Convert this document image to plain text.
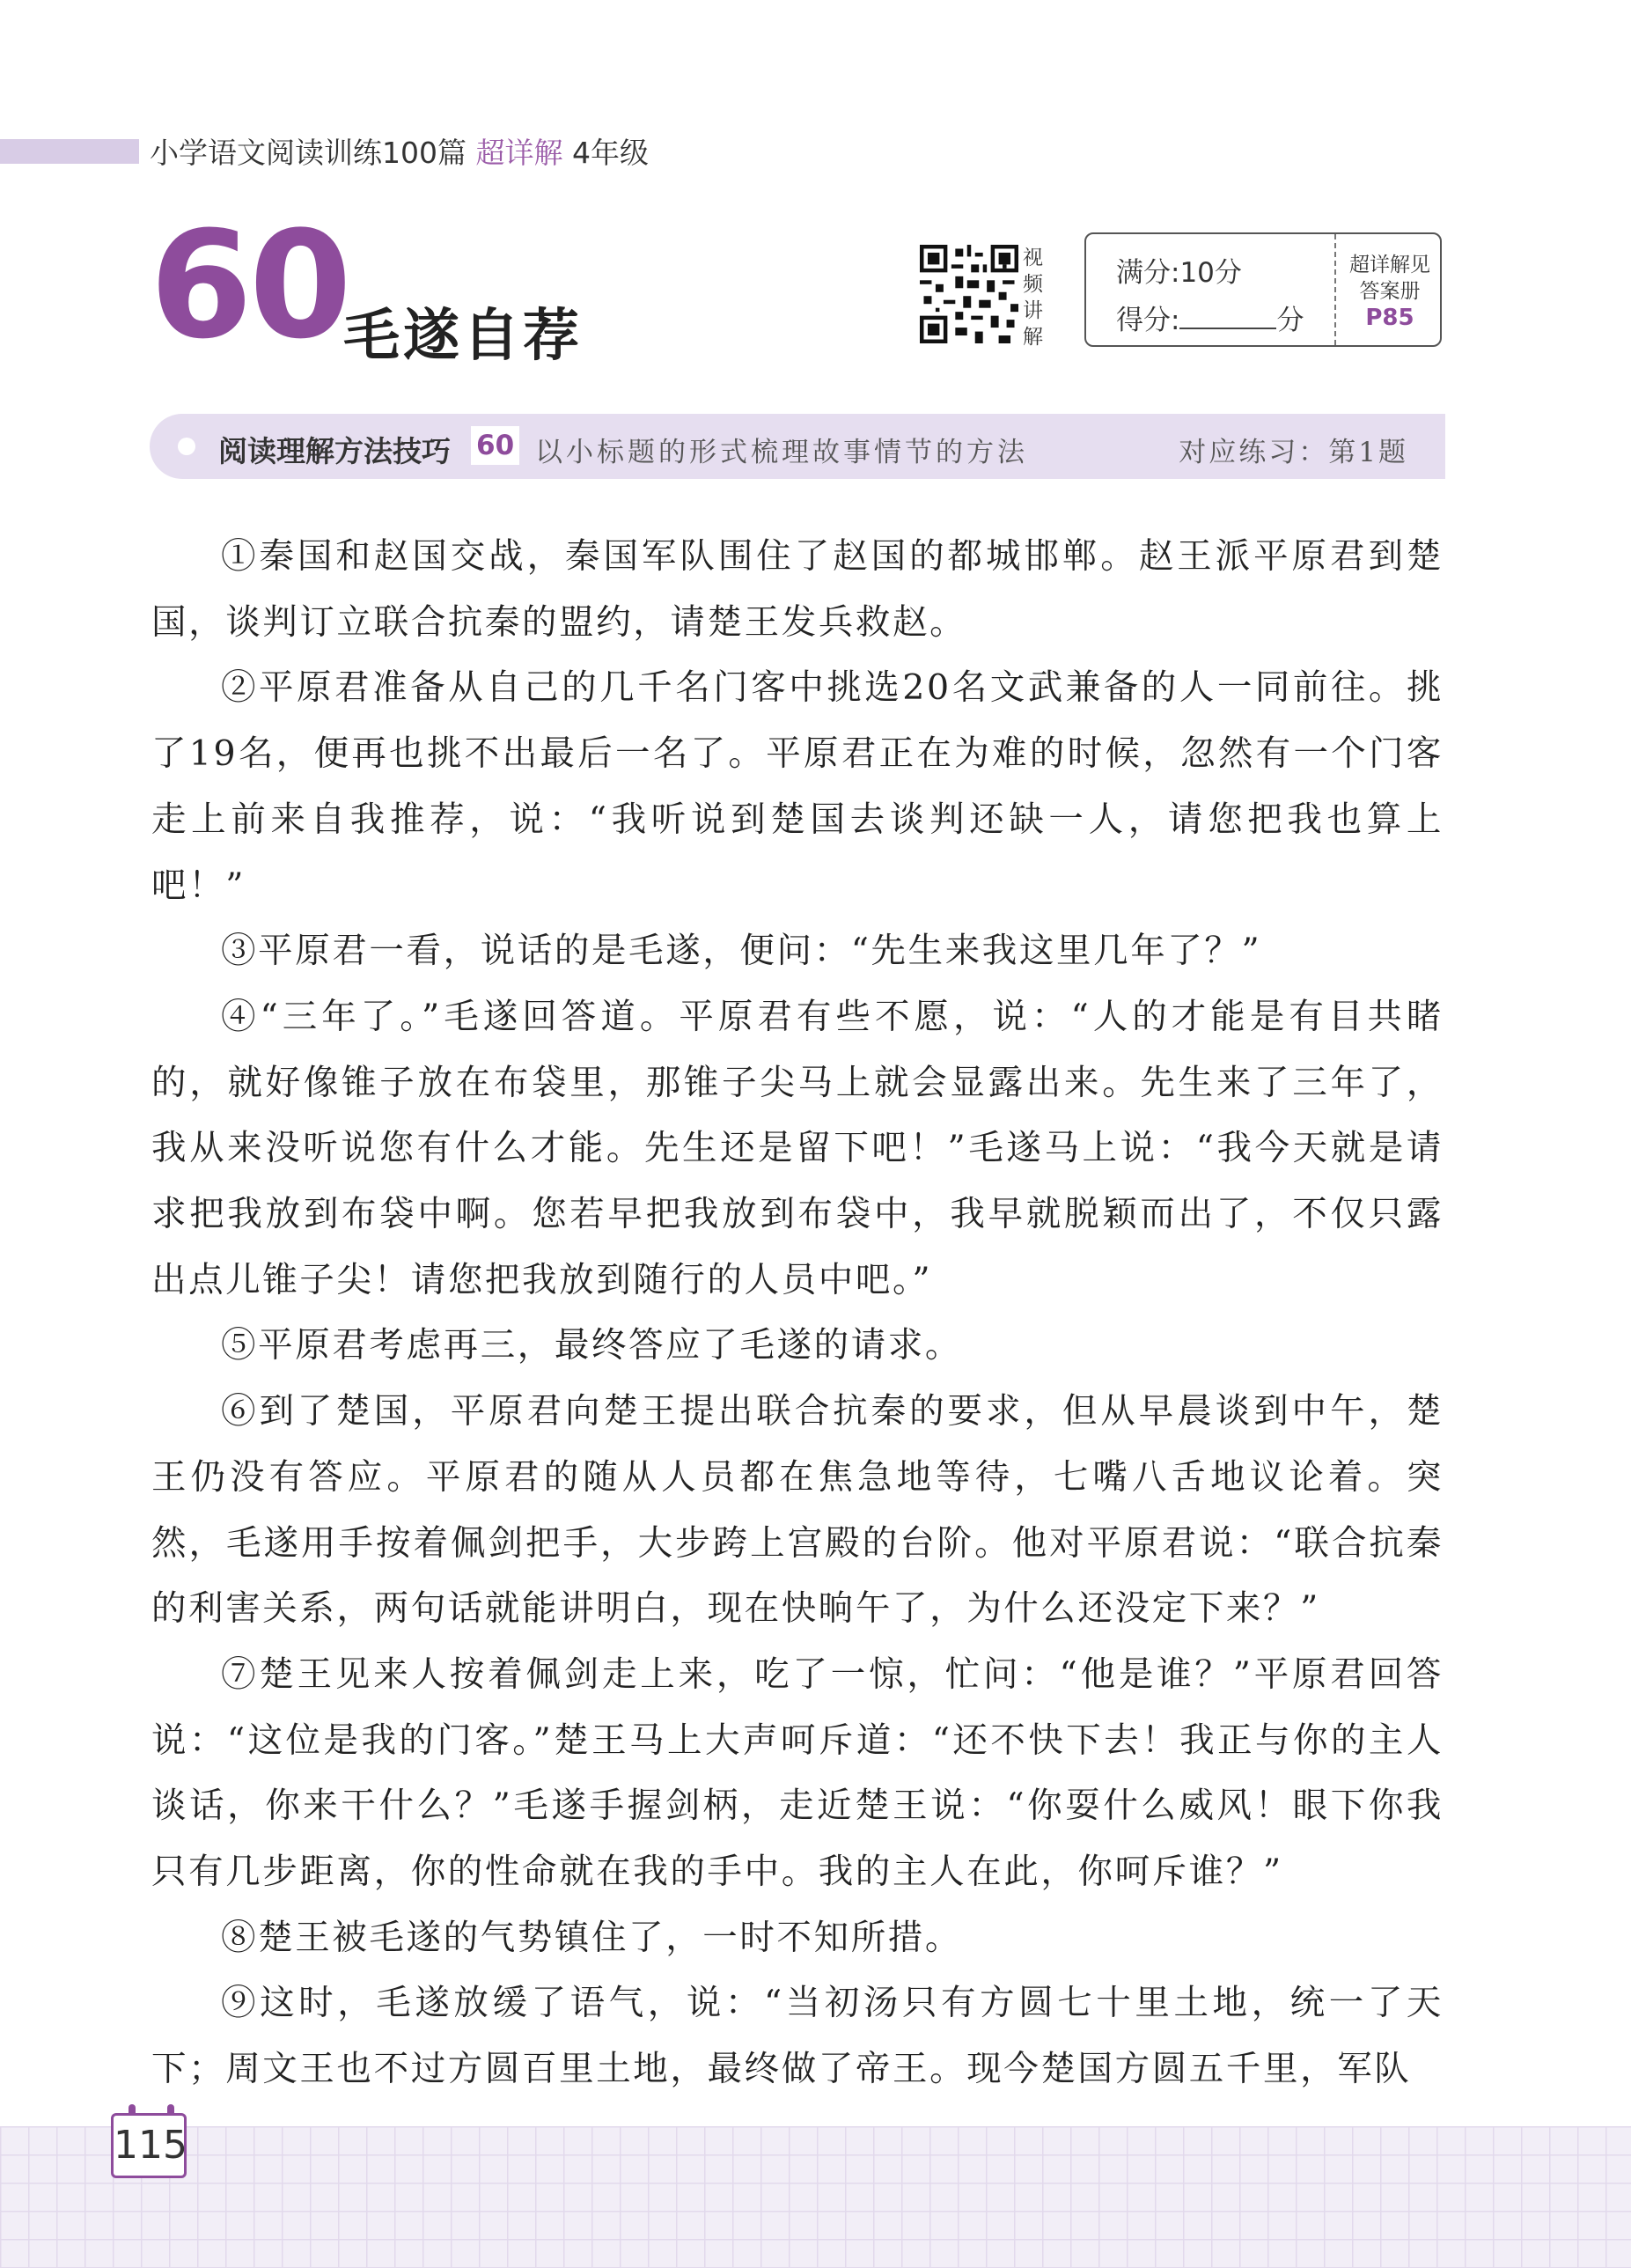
小学语文阅读训练100篇 超详解 4年级
60
毛遂自荐
视
频
讲
解
满分:10分
得分:	分
超详解见
答案册
P85
阅读理解方法技巧 60 以小标题的形式梳理故事情节的方法	对应练习：第1题

①秦国和赵国交战，秦国军队围住了赵国的都城邯郸。赵王派平原君到楚国，谈判订立联合抗秦的盟约，请楚王发兵救赵。

②平原君准备从自己的几千名门客中挑选20名文武兼备的人一同前往。挑了19名，便再也挑不出最后一名了。平原君正在为难的时候，忽然有一个门客走上前来自我推荐，说：“我听说到楚国去谈判还缺一人，请您把我也算上吧！”

③平原君一看，说话的是毛遂，便问：“先生来我这里几年了？”

④“三年了。”毛遂回答道。平原君有些不愿，说：“人的才能是有目共睹的，就好像锥子放在布袋里，那锥子尖马上就会显露出来。先生来了三年了，我从来没听说您有什么才能。先生还是留下吧！”毛遂马上说：“我今天就是请求把我放到布袋中啊。您若早把我放到布袋中，我早就脱颖而出了，不仅只露出点儿锥子尖！请您把我放到随行的人员中吧。”

⑤平原君考虑再三，最终答应了毛遂的请求。

⑥到了楚国，平原君向楚王提出联合抗秦的要求，但从早晨谈到中午，楚王仍没有答应。平原君的随从人员都在焦急地等待，七嘴八舌地议论着。突然，毛遂用手按着佩剑把手，大步跨上宫殿的台阶。他对平原君说：“联合抗秦的利害关系，两句话就能讲明白，现在快晌午了，为什么还没定下来？”

⑦楚王见来人按着佩剑走上来，吃了一惊，忙问：“他是谁？”平原君回答说：“这位是我的门客。”楚王马上大声呵斥道：“还不快下去！我正与你的主人谈话，你来干什么？”毛遂手握剑柄，走近楚王说：“你耍什么威风！眼下你我只有几步距离，你的性命就在我的手中。我的主人在此，你呵斥谁？”

⑧楚王被毛遂的气势镇住了，一时不知所措。

⑨这时，毛遂放缓了语气，说：“当初汤只有方圆七十里土地，统一了天下；周文王也不过方圆百里土地，最终做了帝王。现今楚国方圆五千里，军队

115
